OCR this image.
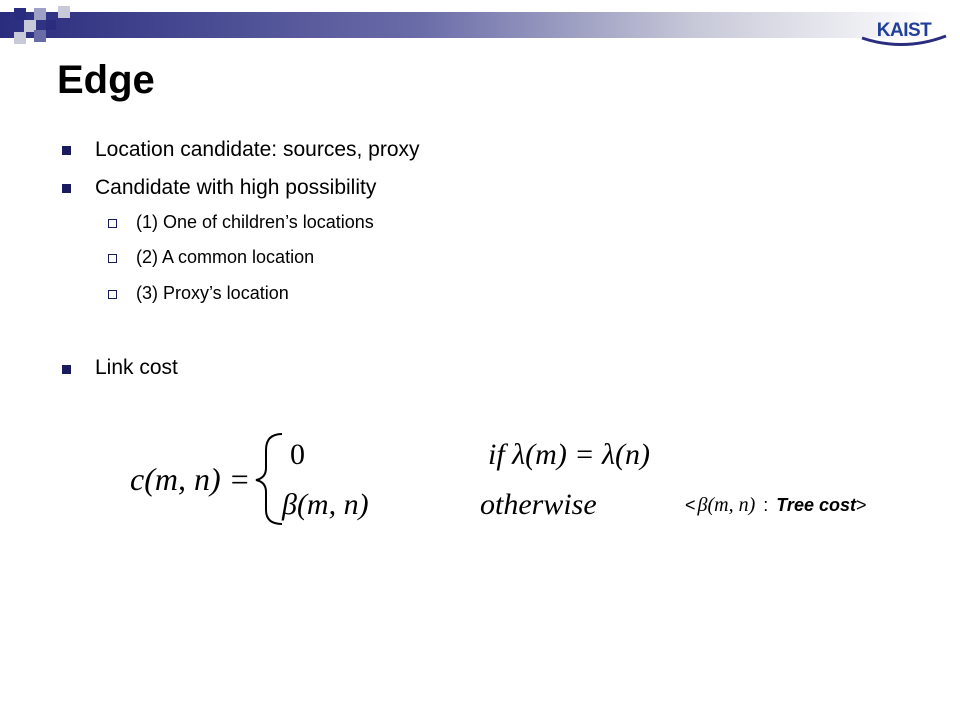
KAIST
Edge
Location candidate: sources, proxy
Candidate with high possibility
(1) One of children’s locations
(2) A common location
(3) Proxy’s location
Link cost
c(m, n) =
0	if λ(m) = λ(n)
β(m, n)	otherwise	< β(m, n) : Tree cost >
